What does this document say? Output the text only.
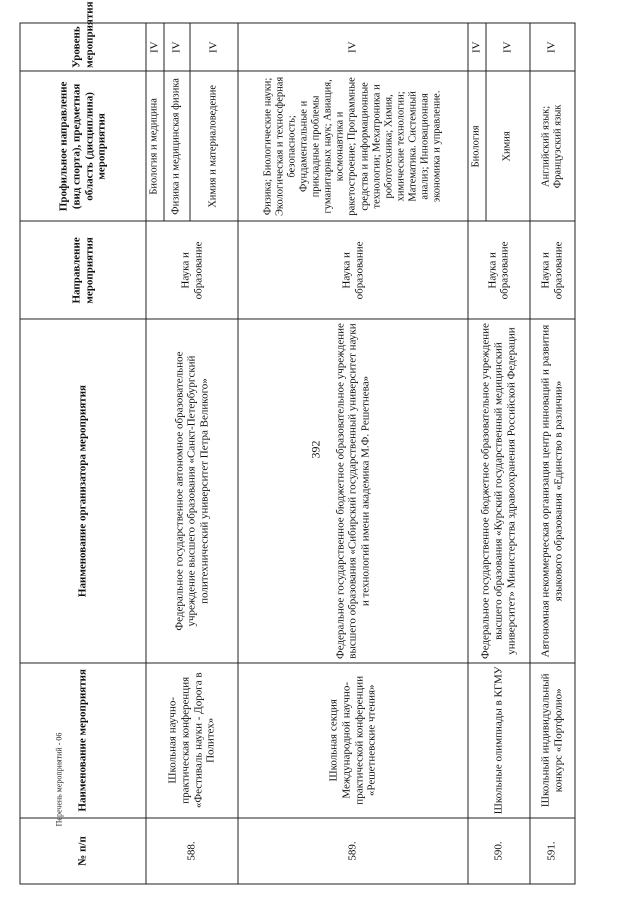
392
Перечень мероприятий - 06
№ п/п	Наименование мероприятия	Наименование организатора мероприятия	Направление мероприятия	Профильное направление (вид спорта), предметная область (дисциплина) мероприятия	Уровень мероприятия
588.	Школьная научно-практическая конференция «Фестиваль науки - Дорога в Политех»	Федеральное государственное автономное образовательное учреждение высшего образования «Санкт-Петербургский политехнический университет Петра Великого»	Наука и образование	Биология и медицина	IV
				Физика и медицинская физика	IV
				Химия и материаловедение	IV
589.	Школьная секция Международной научно-практической конференции «Решетневские чтения»	Федеральное государственное бюджетное образовательное учреждение высшего образования «Сибирский государственный университет науки и технологий имени академика М.Ф. Решетнева»	Наука и образование	Физика; Биологические науки; Экологическая и техносферная безопасность; Фундаментальные и прикладные проблемы гуманитарных наук; Авиация, космонавтика и ракетостроение; Программные средства и информационные технологии; Мехатроника и робототехника; Химия, химические технологии; Математика. Системный анализ; Инновационная экономика и управление.	IV
590.	Школьные олимпиады в КГМУ	Федеральное государственное бюджетное образовательное учреждение высшего образования «Курский государственный медицинский университет» Министерства здравоохранения Российской Федерации	Наука и образование	Биология	IV
				Химия	IV
591.	Школьный индивидуальный конкурс «Портфолио»	Автономная некоммерческая организация центр инноваций и развития языкового образования «Единство в различии»	Наука и образование	Английский язык; Французский язык	IV
